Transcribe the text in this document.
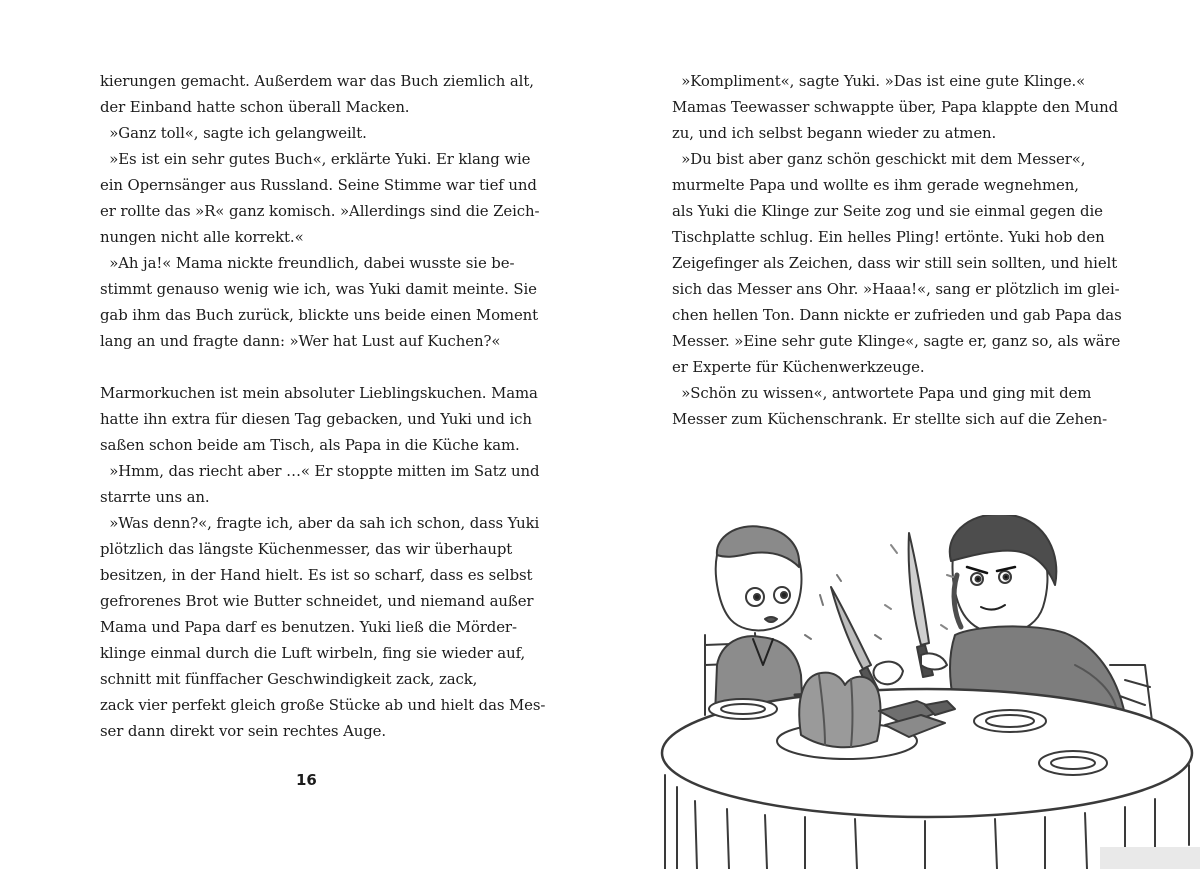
kierungen gemacht. Außerdem war das Buch ziemlich alt,
der Einband hatte schon überall Macken.
»Ganz toll«, sagte ich gelangweilt.
»Es ist ein sehr gutes Buch«, erklärte Yuki. Er klang wie
ein Opernsänger aus Russland. Seine Stimme war tief und
er rollte das »R« ganz komisch. »Allerdings sind die Zeich-
nungen nicht alle korrekt.«
»Ah ja!« Mama nickte freundlich, dabei wusste sie be-
stimmt genauso wenig wie ich, was Yuki damit meinte. Sie
gab ihm das Buch zurück, blickte uns beide einen Moment
lang an und fragte dann: »Wer hat Lust auf Kuchen?«
Marmorkuchen ist mein absoluter Lieblingskuchen. Mama
hatte ihn extra für diesen Tag gebacken, und Yuki und ich
saßen schon beide am Tisch, als Papa in die Küche kam.
»Hmm, das riecht aber …« Er stoppte mitten im Satz und
starrte uns an.
»Was denn?«, fragte ich, aber da sah ich schon, dass Yuki
plötzlich das längste Küchenmesser, das wir überhaupt
besitzen, in der Hand hielt. Es ist so scharf, dass es selbst
gefrorenes Brot wie Butter schneidet, und niemand außer
Mama und Papa darf es benutzen. Yuki ließ die Mörder-
klinge einmal durch die Luft wirbeln, fing sie wieder auf,
schnitt mit fünffacher Geschwindigkeit zack, zack,
zack vier perfekt gleich große Stücke ab und hielt das Mes-
ser dann direkt vor sein rechtes Auge.
16
»Kompliment«, sagte Yuki. »Das ist eine gute Klinge.«
Mamas Teewasser schwappte über, Papa klappte den Mund
zu, und ich selbst begann wieder zu atmen.
»Du bist aber ganz schön geschickt mit dem Messer«,
murmelte Papa und wollte es ihm gerade wegnehmen,
als Yuki die Klinge zur Seite zog und sie einmal gegen die
Tischplatte schlug. Ein helles Pling! ertönte. Yuki hob den
Zeigefinger als Zeichen, dass wir still sein sollten, und hielt
sich das Messer ans Ohr. »Haaa!«, sang er plötzlich im glei-
chen hellen Ton. Dann nickte er zufrieden und gab Papa das
Messer. »Eine sehr gute Klinge«, sagte er, ganz so, als wäre
er Experte für Küchenwerkzeuge.
»Schön zu wissen«, antwortete Papa und ging mit dem
Messer zum Küchenschrank. Er stellte sich auf die Zehen-
